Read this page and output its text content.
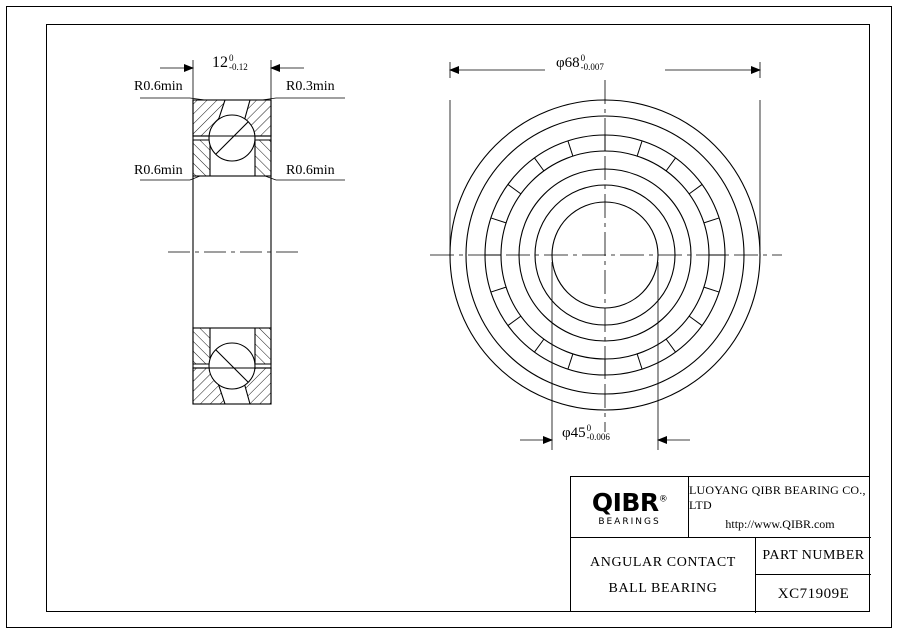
12 0
-0.12
R0.6min	R0.3min
R0.6min	R0.6min
φ68 0
-0.007
φ45 0
-0.006
QIBR®
BEARINGS
LUOYANG QIBR BEARING CO., LTD
http://www.QIBR.com
ANGULAR CONTACT
BALL BEARING
PART NUMBER
XC71909E
